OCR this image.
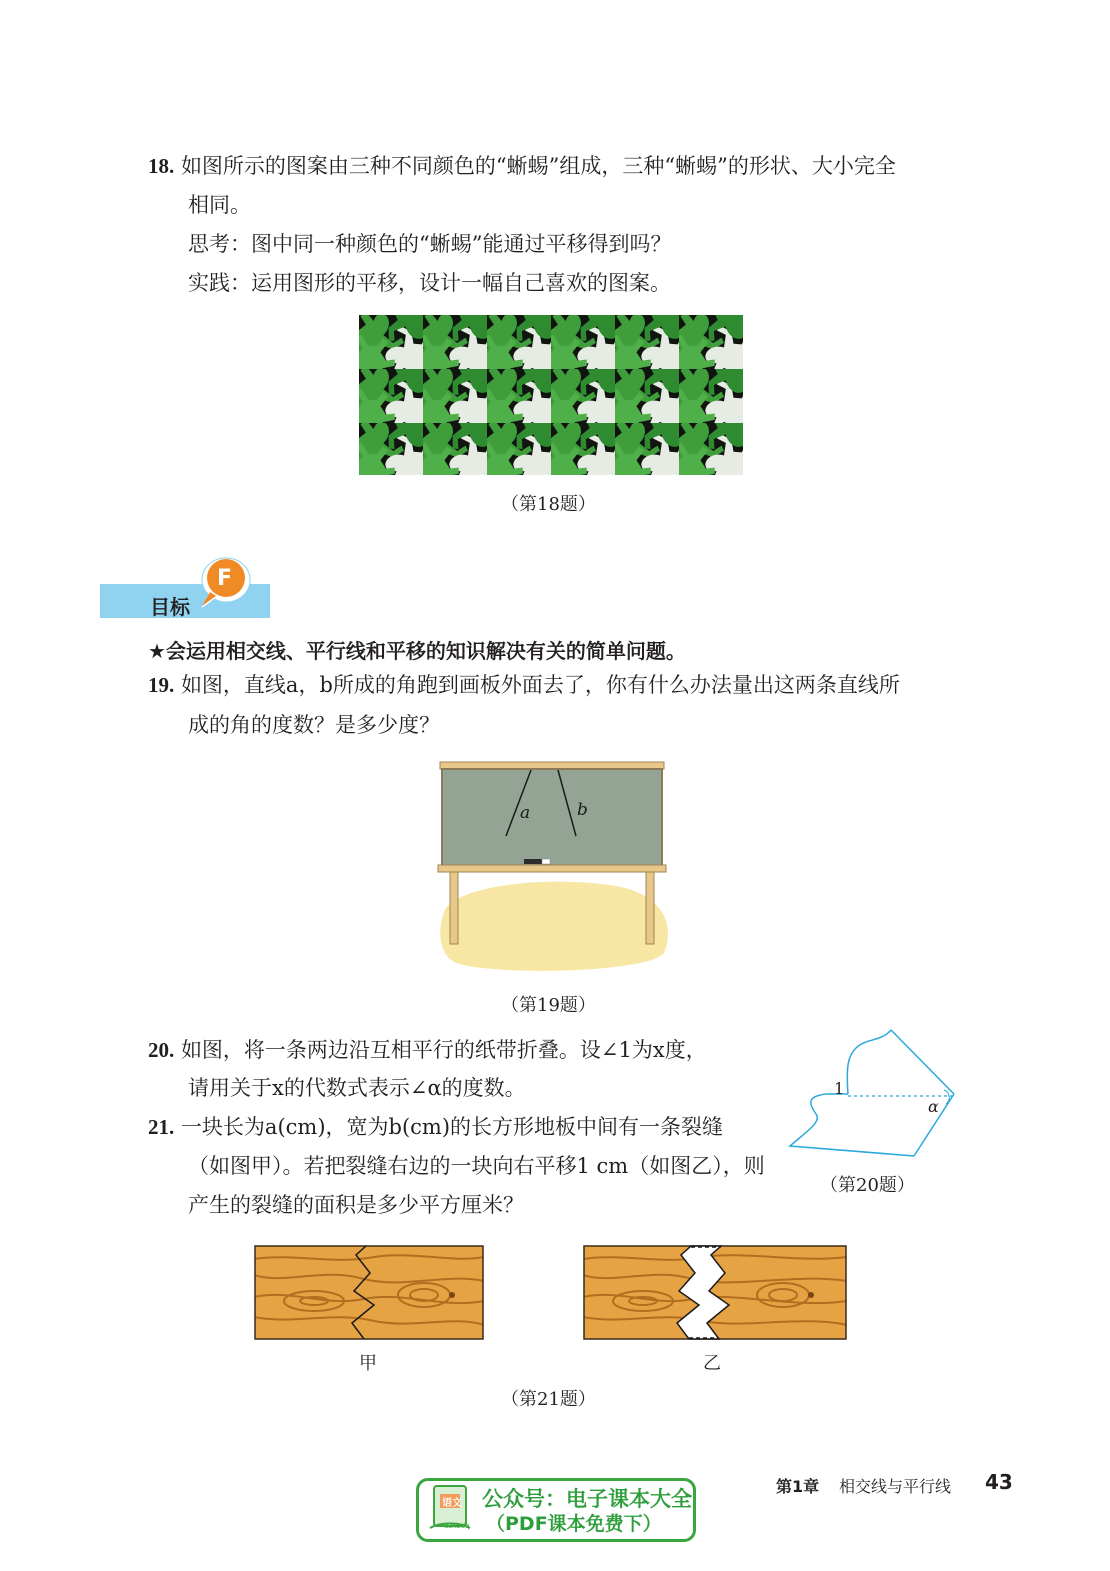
18. 如图所示的图案由三种不同颜色的“蜥蜴”组成，三种“蜥蜴”的形状、大小完全
相同。
思考：图中同一种颜色的“蜥蜴”能通过平移得到吗？
实践：运用图形的平移，设计一幅自己喜欢的图案。
（第18题）
目标
F
★会运用相交线、平行线和平移的知识解决有关的简单问题。
19. 如图，直线a，b所成的角跑到画板外面去了，你有什么办法量出这两条直线所
成的角的度数？是多少度？
a	b
（第19题）
20. 如图，将一条两边沿互相平行的纸带折叠。设∠1为x度，
请用关于x的代数式表示∠α的度数。	1
α
（第20题）
21. 一块长为a(cm)，宽为b(cm)的长方形地板中间有一条裂缝
（如图甲）。若把裂缝右边的一块向右平移1 cm（如图乙），则
产生的裂缝的面积是多少平方厘米？
甲	乙
（第21题）
第1章 相交线与平行线 43
语文
dzkbdq
公众号：电子课本大全
（PDF课本免费下）
